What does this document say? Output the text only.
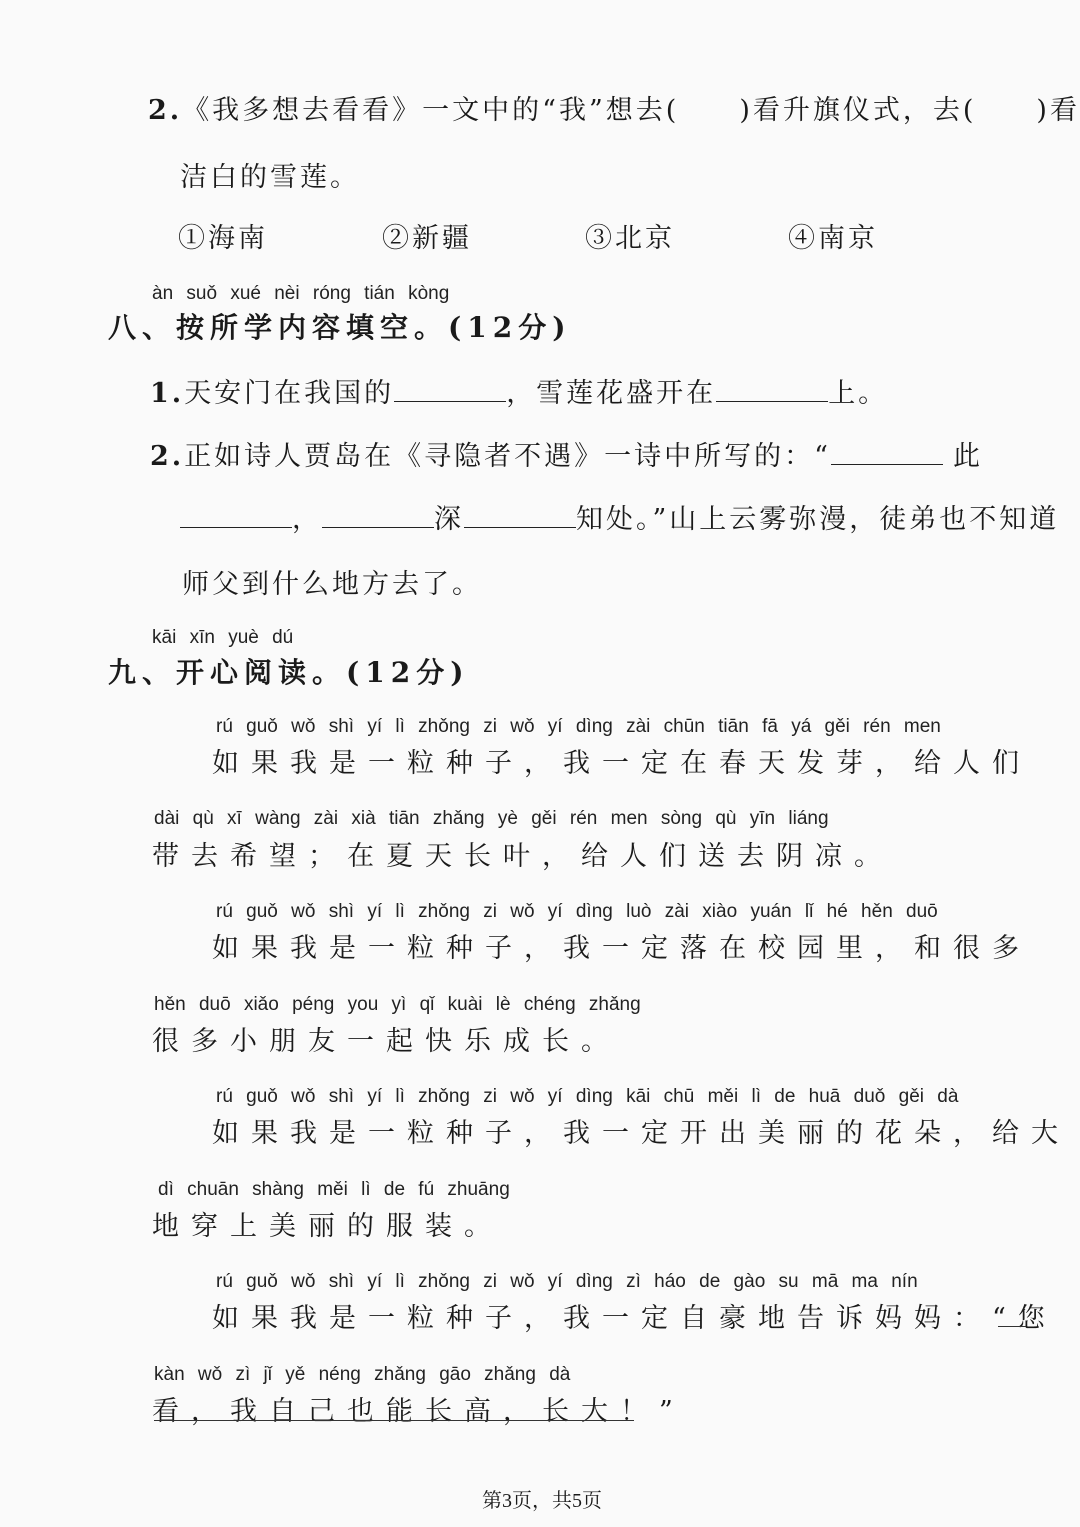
2.《我多想去看看》一文中的“我”想去( )看升旗仪式，去( )看
洁白的雪莲。
①海南	②新疆	③北京	④南京
àn suǒ xué nèi róng tián kòng
八、按所学内容填空。(12分)
1.天安门在我国的	，雪莲花盛开在	上。
2.正如诗人贾岛在《寻隐者不遇》一诗中所写的：“	此
，	深	知处。”山上云雾弥漫，徒弟也不知道
师父到什么地方去了。
kāi xīn yuè dú
九、开心阅读。(12分)
rú guǒ wǒ shì yí lì zhǒng zi wǒ yí dìng zài chūn tiān fā yá gěi rén men
如果我是一粒种子，我一定在春天发芽，给人们
dài qù xī wàng zài xià tiān zhǎng yè gěi rén men sòng qù yīn liáng
带去希望；在夏天长叶，给人们送去阴凉。
rú guǒ wǒ shì yí lì zhǒng zi wǒ yí dìng luò zài xiào yuán lǐ hé hěn duō
如果我是一粒种子，我一定落在校园里，和很多
hěn duō xiǎo péng you yì qǐ kuài lè chéng zhǎng
很多小朋友一起快乐成长。
rú guǒ wǒ shì yí lì zhǒng zi wǒ yí dìng kāi chū měi lì de huā duǒ gěi dà
如果我是一粒种子，我一定开出美丽的花朵，给大
dì chuān shàng měi lì de fú zhuāng
地穿上美丽的服装。
rú guǒ wǒ shì yí lì zhǒng zi wǒ yí dìng zì háo de gào su mā ma nín
如果我是一粒种子，我一定自豪地告诉妈妈：“您
kàn wǒ zì jǐ yě néng zhǎng gāo zhǎng dà
看，我自己也能长高，长大！”
第3页，共5页
